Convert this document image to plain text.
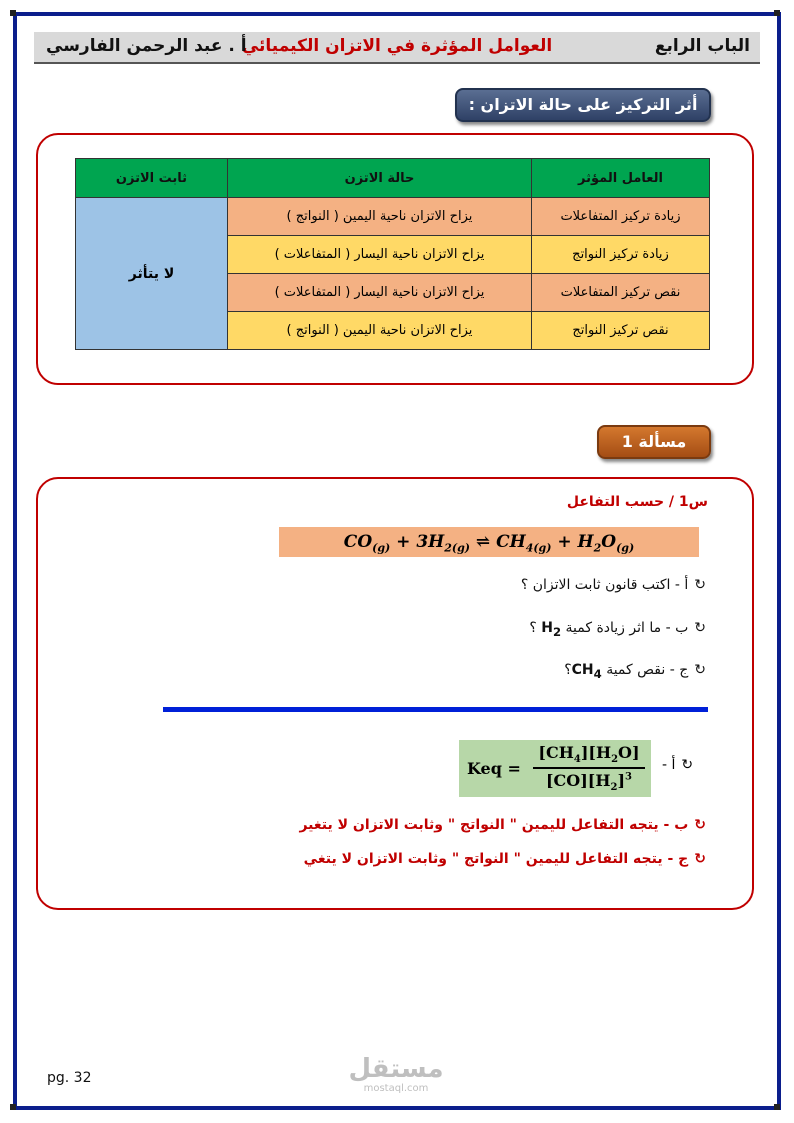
الباب الرابع
العوامل المؤثرة في الاتزان الكيميائي
أ . عبد الرحمن الفارسي
أثر التركيز على حالة الاتزان :
العامل المؤثر	حالة الاتزن	ثابت الاتزن
زيادة تركيز المتفاعلات	يزاح الاتزان ناحية اليمين ( النواتج )	لا يتأثر
زيادة تركيز النواتج	يزاح الاتزان ناحية اليسار ( المتفاعلات )	
نقص تركيز المتفاعلات	يزاح الاتزان ناحية اليسار ( المتفاعلات )	
نقص تركيز النواتج	يزاح الاتزان ناحية اليمين ( النواتج )	
مسألة 1
س1 / حسب التفاعل
$CO_{(g)} + 3H_{2(g)}$ ⇌ $CH_{4(g)} + H_2O_{(g)}$
↻أ - اكتب قانون ثابت الاتزان ؟
↻ب - ما اثر زيادة كمية $H_2$ ؟
↻ج - نقص كمية $CH_4؟$
↻أ -
Keq = $\frac{[CH_4][H_2O]}{[CO][H_2]^3}$
↻ب - يتجه التفاعل لليمين " النواتج " وثابت الاتزان لا يتغير
↻ج - يتجه التفاعل لليمين " النواتج " وثابت الاتزان لا يتغي
pg. 32	مستقل
mostaql.com
